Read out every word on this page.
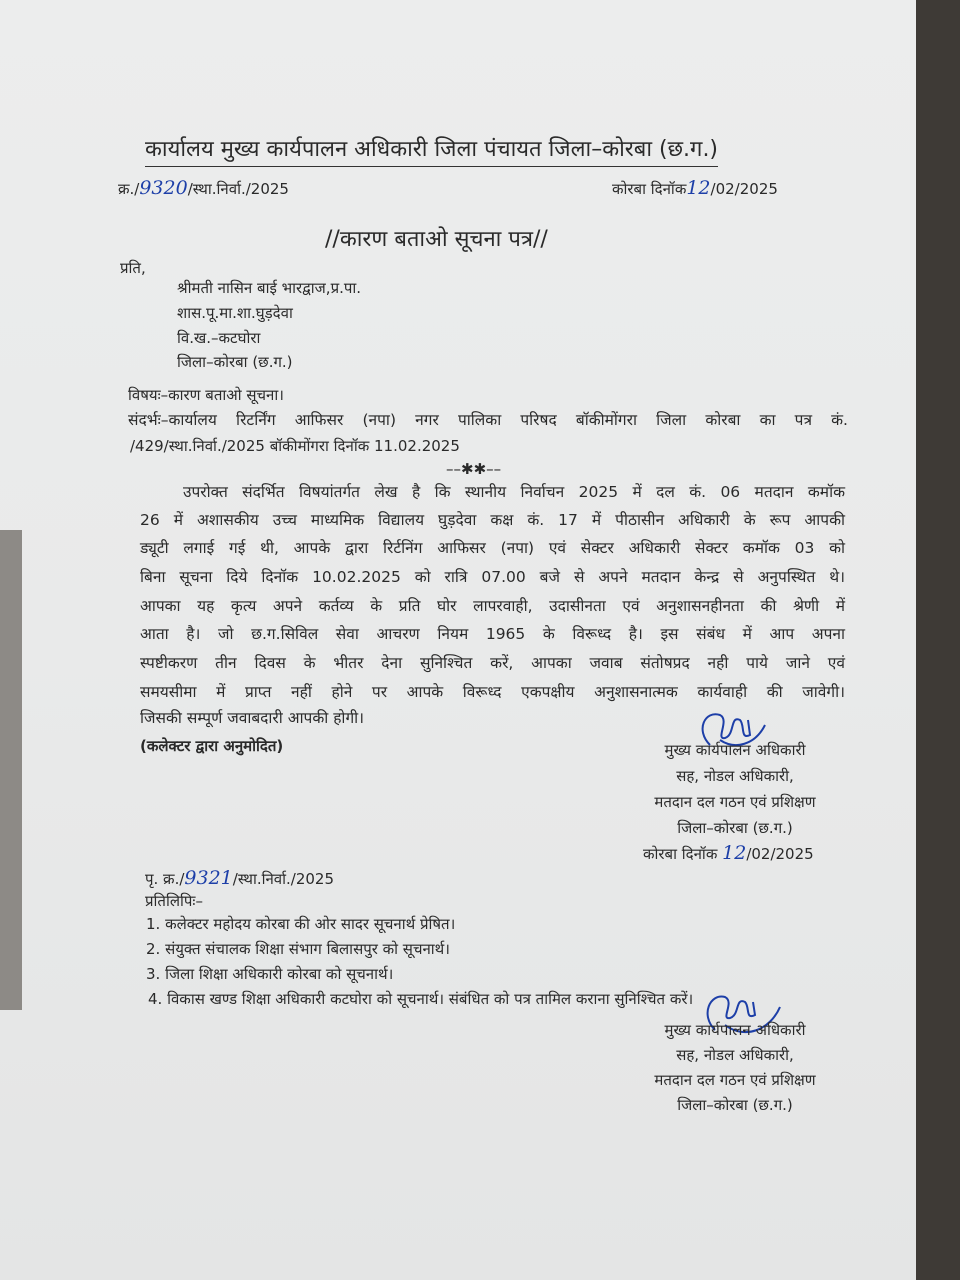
कार्यालय मुख्य कार्यपालन अधिकारी जिला पंचायत जिला–कोरबा (छ.ग.)
क्र./9320/स्था.निर्वा./2025	कोरबा दिनॉक12/02/2025
//कारण बताओ सूचना पत्र//
प्रति,
श्रीमती नासिन बाई भारद्वाज,प्र.पा.
शास.पू.मा.शा.घुड़देवा
वि.ख.–कटघोरा
जिला–कोरबा (छ.ग.)
विषयः–कारण बताओ सूचना।
संदर्भः–कार्यालय रिटर्निंग आफिसर (नपा) नगर पालिका परिषद बॉकीमोंगरा जिला कोरबा का पत्र कं.
/429/स्था.निर्वा./2025 बॉकीमोंगरा दिनॉक 11.02.2025
––✱✱––
उपरोक्त संदर्भित विषयांतर्गत लेख है कि स्थानीय निर्वाचन 2025 में दल कं. 06 मतदान कमॉक
26 में अशासकीय उच्च माध्यमिक विद्यालय घुड़देवा कक्ष कं. 17 में पीठासीन अधिकारी के रूप आपकी
ड्यूटी लगाई गई थी, आपके द्वारा रिर्टनिंग आफिसर (नपा) एवं सेक्टर अधिकारी सेक्टर कमॉक 03 को
बिना सूचना दिये दिनॉक 10.02.2025 को रात्रि 07.00 बजे से अपने मतदान केन्द्र से अनुपस्थित थे।
आपका यह कृत्य अपने कर्तव्य के प्रति घोर लापरवाही, उदासीनता एवं अनुशासनहीनता की श्रेणी में
आता है। जो छ.ग.सिविल सेवा आचरण नियम 1965 के विरूध्द है। इस संबंध में आप अपना
स्पष्टीकरण तीन दिवस के भीतर देना सुनिश्चित करें, आपका जवाब संतोषप्रद नही पाये जाने एवं
समयसीमा में प्राप्त नहीं होने पर आपके विरूध्द एकपक्षीय अनुशासनात्मक कार्यवाही की जावेगी।
जिसकी सम्पूर्ण जवाबदारी आपकी होगी।
(कलेक्टर द्वारा अनुमोदित)	मुख्य कार्यपालन अधिकारी
सह, नोडल अधिकारी,
मतदान दल गठन एवं प्रशिक्षण
जिला–कोरबा (छ.ग.)
कोरबा दिनॉक 12/02/2025
पृ. क्र./9321/स्था.निर्वा./2025
प्रतिलिपिः–
1. कलेक्टर महोदय कोरबा की ओर सादर सूचनार्थ प्रेषित।
2. संयुक्त संचालक शिक्षा संभाग बिलासपुर को सूचनार्थ।
3. जिला शिक्षा अधिकारी कोरबा को सूचनार्थ।
4. विकास खण्ड शिक्षा अधिकारी कटघोरा को सूचनार्थ। संबंधित को पत्र तामिल कराना सुनिश्चित करें।
मुख्य कार्यपालन अधिकारी
सह, नोडल अधिकारी,
मतदान दल गठन एवं प्रशिक्षण
जिला–कोरबा (छ.ग.)
